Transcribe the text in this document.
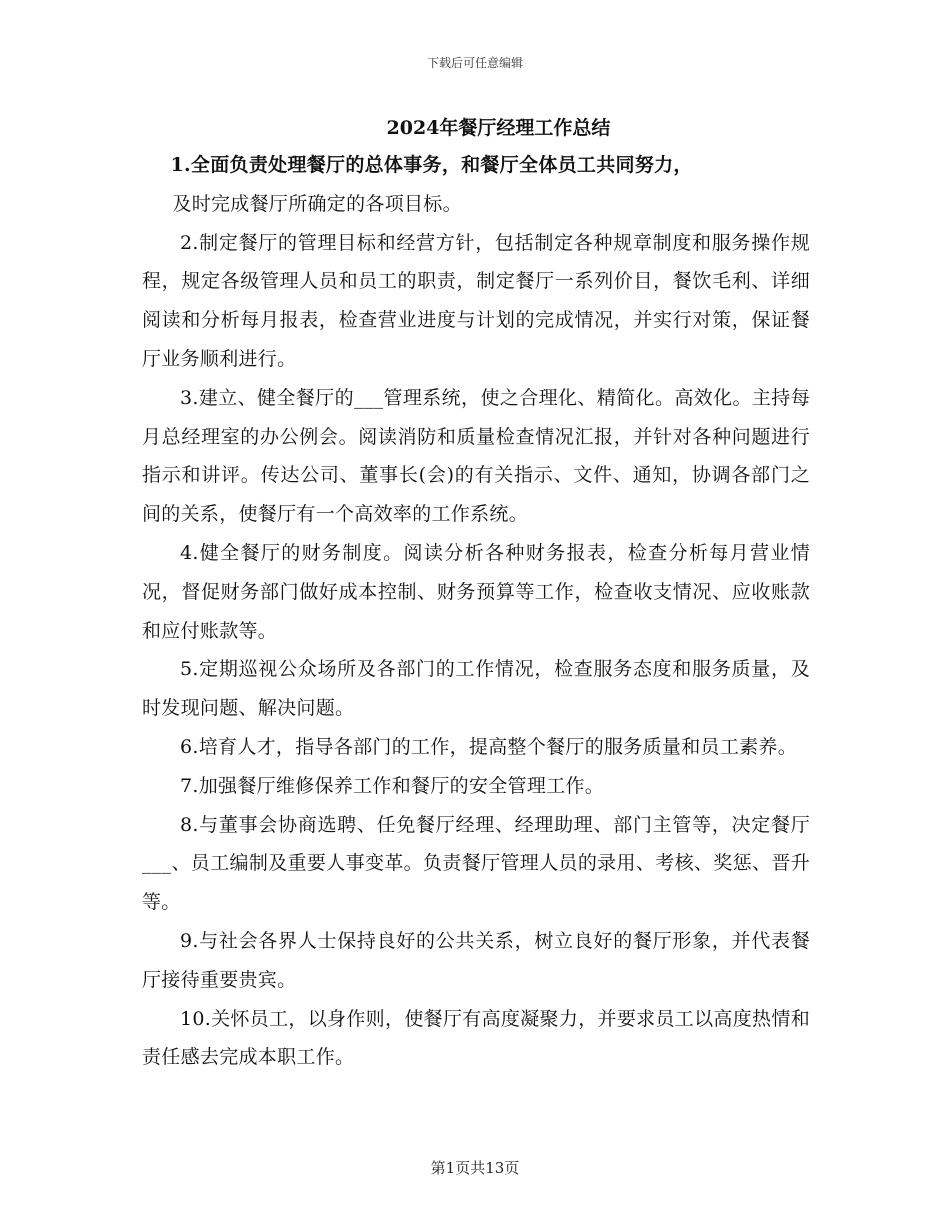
下载后可任意编辑
2024年餐厅经理工作总结

1.全面负责处理餐厅的总体事务，和餐厅全体员工共同努力，
及时完成餐厅所确定的各项目标。

2.制定餐厅的管理目标和经营方针，包括制定各种规章制度和服务操作规程，规定各级管理人员和员工的职责，制定餐厅一系列价目，餐饮毛利、详细阅读和分析每月报表，检查营业进度与计划的完成情况，并实行对策，保证餐厅业务顺利进行。

3.建立、健全餐厅的___管理系统，使之合理化、精简化。高效化。主持每月总经理室的办公例会。阅读消防和质量检查情况汇报，并针对各种问题进行指示和讲评。传达公司、董事长(会)的有关指示、文件、通知，协调各部门之间的关系，使餐厅有一个高效率的工作系统。

4.健全餐厅的财务制度。阅读分析各种财务报表，检查分析每月营业情况，督促财务部门做好成本控制、财务预算等工作，检查收支情况、应收账款和应付账款等。

5.定期巡视公众场所及各部门的工作情况，检查服务态度和服务质量，及时发现问题、解决问题。

6.培育人才，指导各部门的工作，提高整个餐厅的服务质量和员工素养。

7.加强餐厅维修保养工作和餐厅的安全管理工作。

8.与董事会协商选聘、任免餐厅经理、经理助理、部门主管等，决定餐厅___、员工编制及重要人事变革。负责餐厅管理人员的录用、考核、奖惩、晋升等。

9.与社会各界人士保持良好的公共关系，树立良好的餐厅形象，并代表餐厅接待重要贵宾。

10.关怀员工，以身作则，使餐厅有高度凝聚力，并要求员工以高度热情和责任感去完成本职工作。

第1页共13页
